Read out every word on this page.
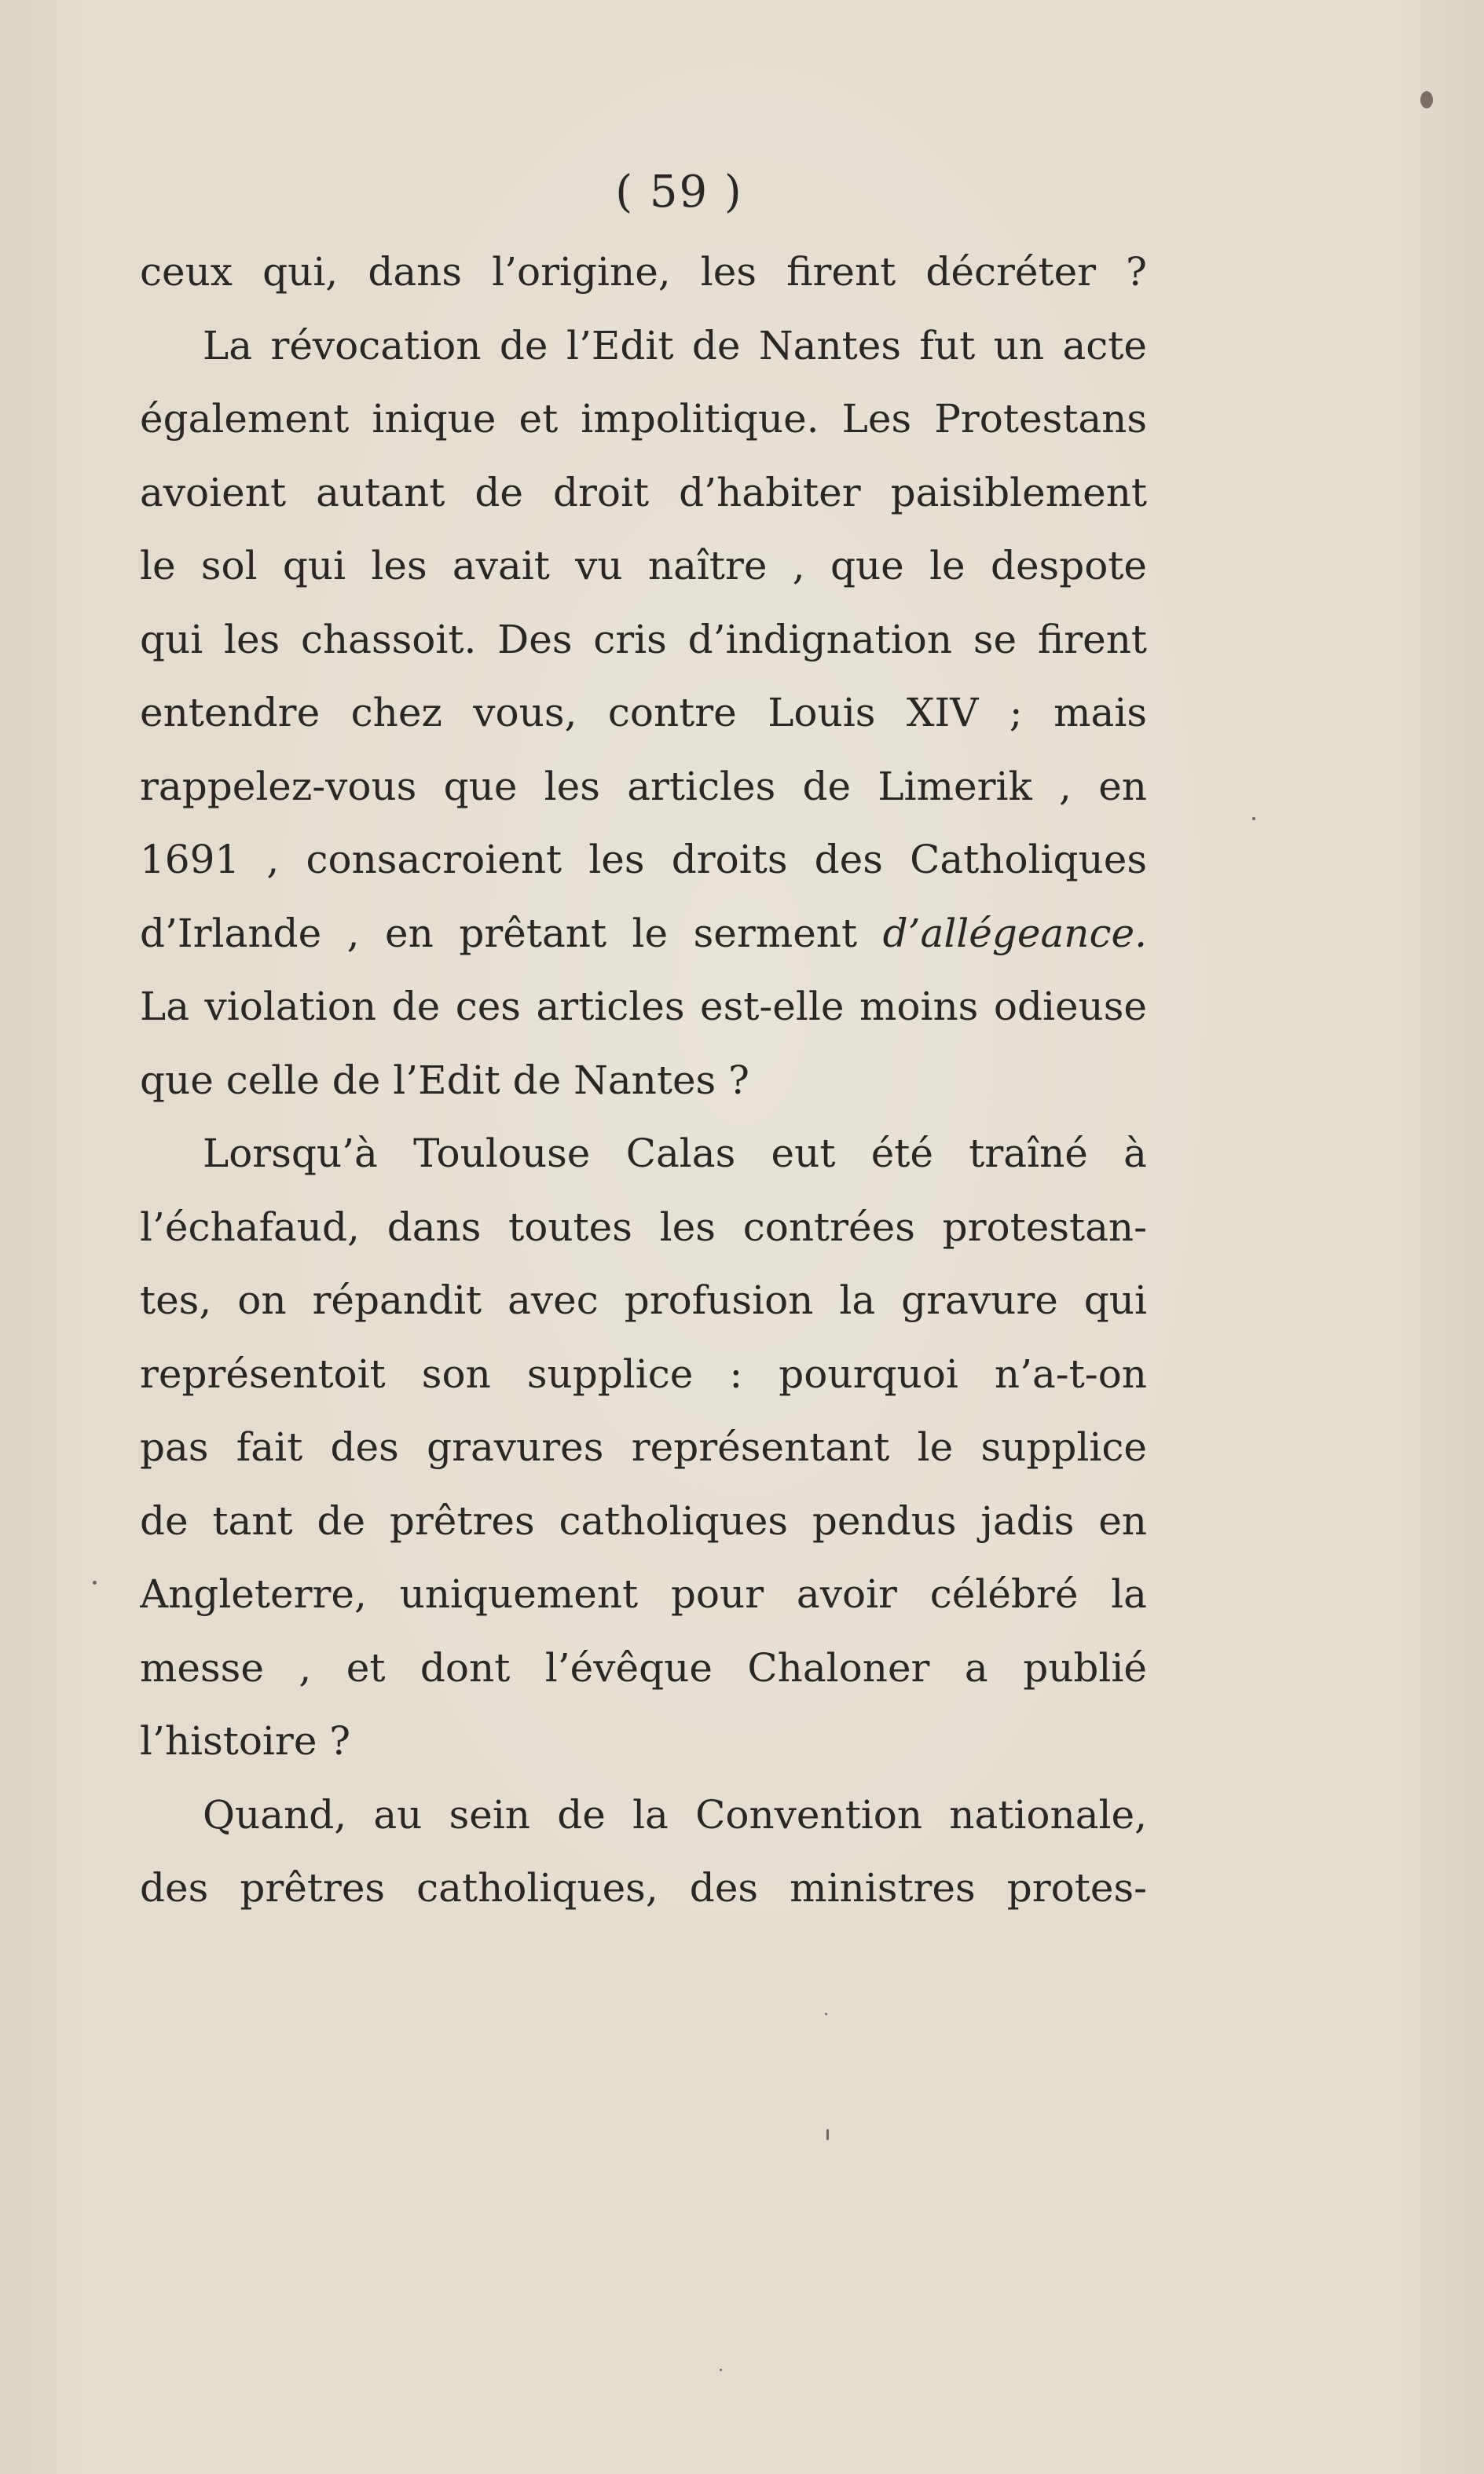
( 59 )
ceux qui, dans l’origine, les firent décréter ?
La révocation de l’Edit de Nantes fut un acte
également inique et impolitique. Les Protestans
avoient autant de droit d’habiter paisiblement
le sol qui les avait vu naître , que le despote
qui les chassoit. Des cris d’indignation se firent
entendre chez vous, contre Louis XIV ; mais
rappelez-vous que les articles de Limerik , en
1691 , consacroient les droits des Catholiques
d’Irlande , en prêtant le serment d’allégeance.
La violation de ces articles est-elle moins odieuse
que celle de l’Edit de Nantes ?
Lorsqu’à Toulouse Calas eut été traîné à
l’échafaud, dans toutes les contrées protestan-
tes, on répandit avec profusion la gravure qui
représentoit son supplice : pourquoi n’a-t-on
pas fait des gravures représentant le supplice
de tant de prêtres catholiques pendus jadis en
Angleterre, uniquement pour avoir célébré la
messe , et dont l’évêque Chaloner a publié
l’histoire ?
Quand, au sein de la Convention nationale,
des prêtres catholiques, des ministres protes-
